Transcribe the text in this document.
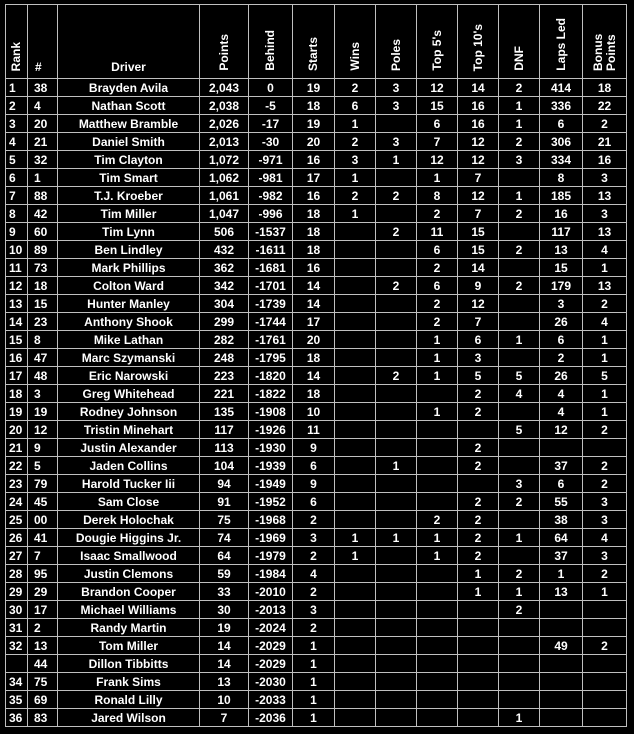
Rank	#	Driver	Points	Behind	Starts	Wins	Poles	Top 5's	Top 10's	DNF	Laps Led	Bonus Points
1	38	Brayden Avila	2,043	0	19	2	3	12	14	2	414	18
2	4	Nathan Scott	2,038	-5	18	6	3	15	16	1	336	22
3	20	Matthew Bramble	2,026	-17	19	1		6	16	1	6	2
4	21	Daniel Smith	2,013	-30	20	2	3	7	12	2	306	21
5	32	Tim Clayton	1,072	-971	16	3	1	12	12	3	334	16
6	1	Tim Smart	1,062	-981	17	1		1	7		8	3
7	88	T.J. Kroeber	1,061	-982	16	2	2	8	12	1	185	13
8	42	Tim Miller	1,047	-996	18	1		2	7	2	16	3
9	60	Tim Lynn	506	-1537	18		2	11	15		117	13
10	89	Ben Lindley	432	-1611	18			6	15	2	13	4
11	73	Mark Phillips	362	-1681	16			2	14		15	1
12	18	Colton Ward	342	-1701	14		2	6	9	2	179	13
13	15	Hunter Manley	304	-1739	14			2	12		3	2
14	23	Anthony Shook	299	-1744	17			2	7		26	4
15	8	Mike Lathan	282	-1761	20			1	6	1	6	1
16	47	Marc Szymanski	248	-1795	18			1	3		2	1
17	48	Eric Narowski	223	-1820	14		2	1	5	5	26	5
18	3	Greg Whitehead	221	-1822	18				2	4	4	1
19	19	Rodney Johnson	135	-1908	10			1	2		4	1
20	12	Tristin Minehart	117	-1926	11					5	12	2
21	9	Justin Alexander	113	-1930	9				2			
22	5	Jaden Collins	104	-1939	6		1		2		37	2
23	79	Harold Tucker Iii	94	-1949	9					3	6	2
24	45	Sam Close	91	-1952	6				2	2	55	3
25	00	Derek Holochak	75	-1968	2			2	2		38	3
26	41	Dougie Higgins Jr.	74	-1969	3	1	1	1	2	1	64	4
27	7	Isaac Smallwood	64	-1979	2	1		1	2		37	3
28	95	Justin Clemons	59	-1984	4				1	2	1	2
29	29	Brandon Cooper	33	-2010	2				1	1	13	1
30	17	Michael Williams	30	-2013	3					2		
31	2	Randy Martin	19	-2024	2							
32	13	Tom Miller	14	-2029	1						49	2
	44	Dillon Tibbitts	14	-2029	1							
34	75	Frank Sims	13	-2030	1							
35	69	Ronald Lilly	10	-2033	1							
36	83	Jared Wilson	7	-2036	1					1		
